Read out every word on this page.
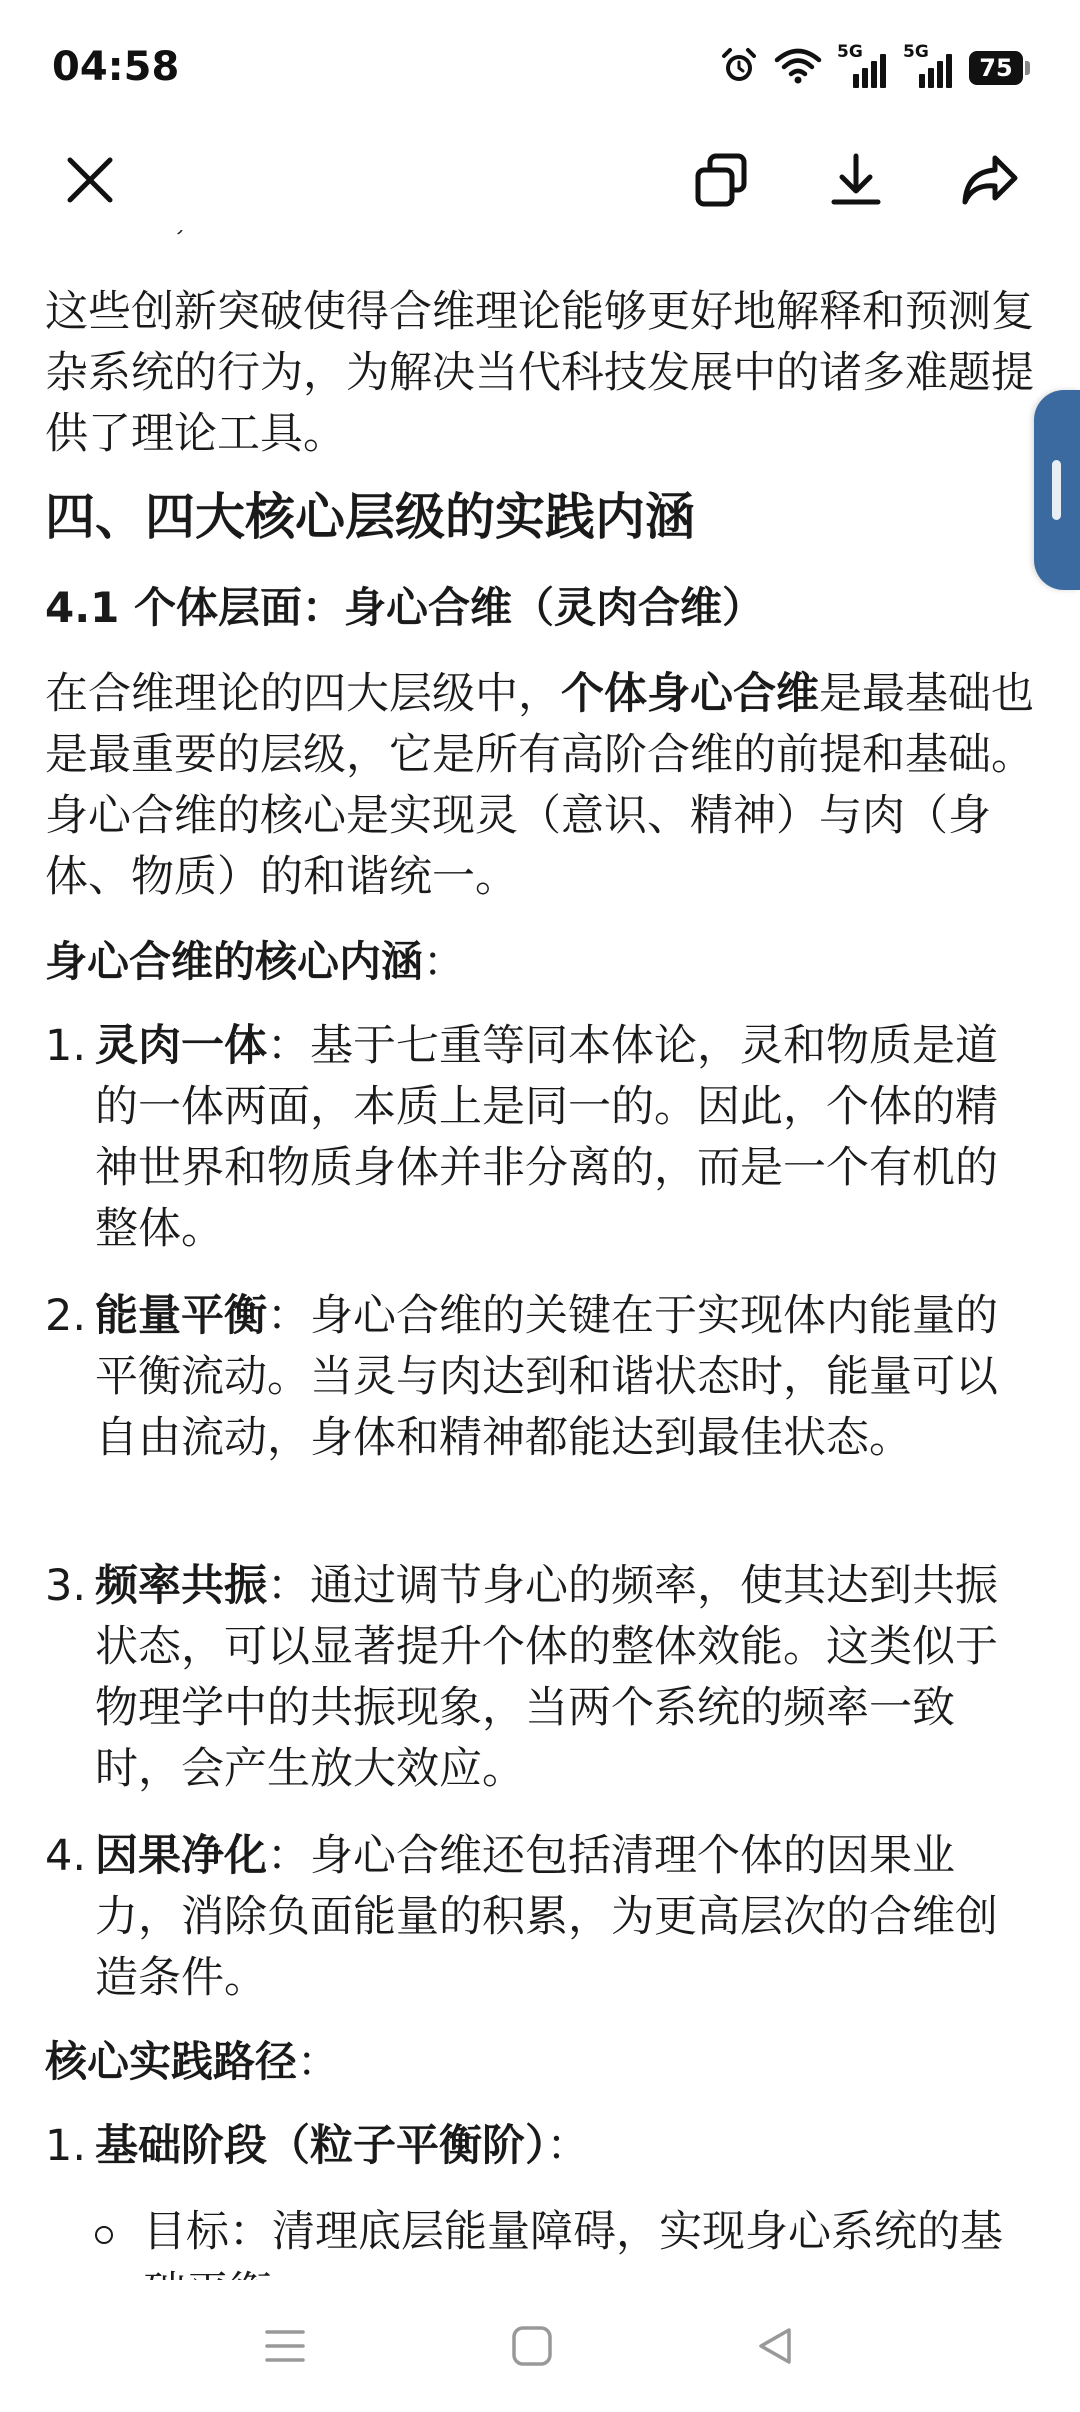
04:58	5G 5G
75

这些创新突破使得合维理论能够更好地解释和预测复杂系统的行为，为解决当代科技发展中的诸多难题提供了理论工具。

四、四大核心层级的实践内涵
4.1 个体层面：身心合维（灵肉合维）

在合维理论的四大层级中，个体身心合维是最基础也是最重要的层级，它是所有高阶合维的前提和基础。身心合维的核心是实现灵（意识、精神）与肉（身体、物质）的和谐统一。

身心合维的核心内涵：
1. 灵肉一体：基于七重等同本体论，灵和物质是道的一体两面，本质上是同一的。因此，个体的精神世界和物质身体并非分离的，而是一个有机的整体。
2. 能量平衡：身心合维的关键在于实现体内能量的平衡流动。当灵与肉达到和谐状态时，能量可以自由流动，身体和精神都能达到最佳状态。
3. 频率共振：通过调节身心的频率，使其达到共振状态，可以显著提升个体的整体效能。这类似于物理学中的共振现象，当两个系统的频率一致时，会产生放大效应。
4. 因果净化：身心合维还包括清理个体的因果业力，消除负面能量的积累，为更高层次的合维创造条件。
核心实践路径：
1. 基础阶段（粒子平衡阶）：
目标：清理底层能量障碍，实现身心系统的基
